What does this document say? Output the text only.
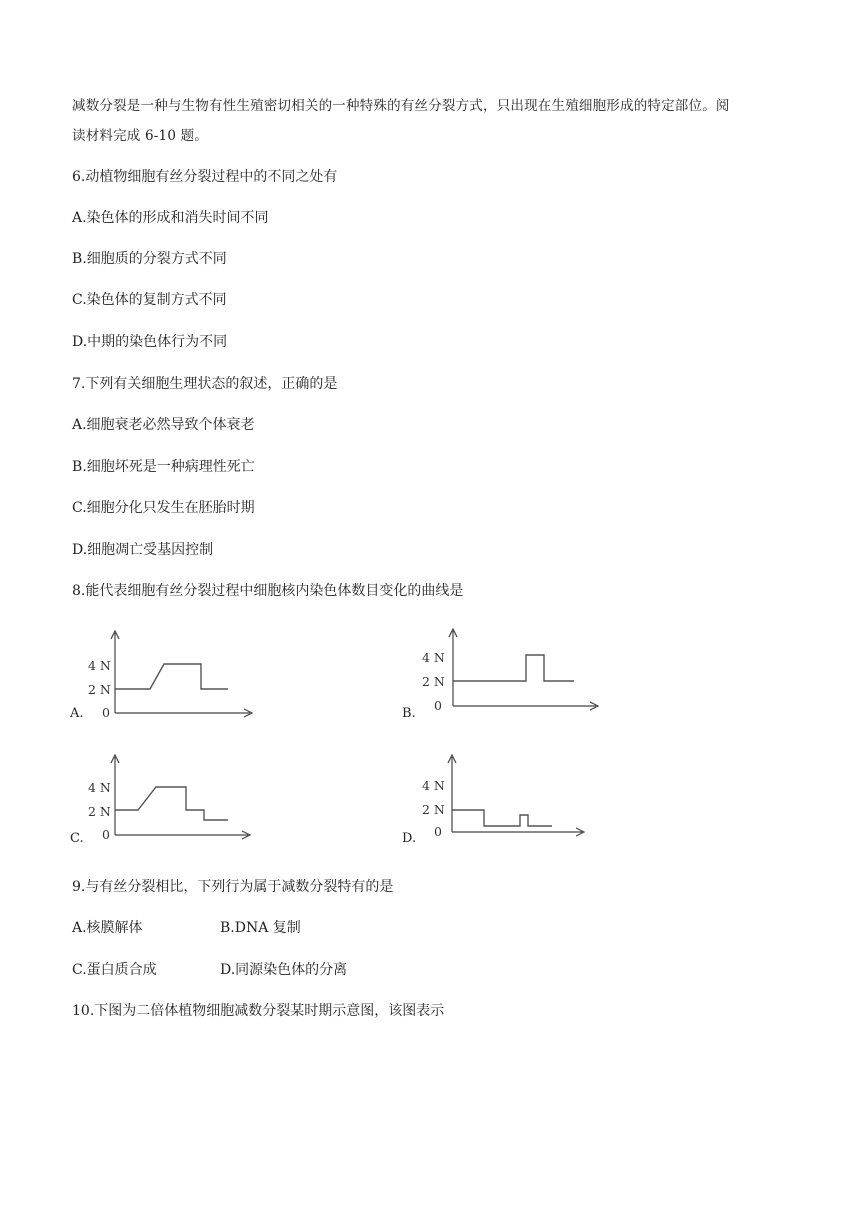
减数分裂是一种与生物有性生殖密切相关的一种特殊的有丝分裂方式，只出现在生殖细胞形成的特定部位。阅
读材料完成 6-10 题。
6.动植物细胞有丝分裂过程中的不同之处有
A.染色体的形成和消失时间不同
B.细胞质的分裂方式不同
C.染色体的复制方式不同
D.中期的染色体行为不同
7.下列有关细胞生理状态的叙述，正确的是
A.细胞衰老必然导致个体衰老
B.细胞坏死是一种病理性死亡
C.细胞分化只发生在胚胎时期
D.细胞凋亡受基因控制
8.能代表细胞有丝分裂过程中细胞核内染色体数目变化的曲线是
A.
4 N
2 N
0	B.
4 N
2 N
0
C.
4 N
2 N
0	D.
4 N
2 N
0
9.与有丝分裂相比，下列行为属于减数分裂特有的是
A.核膜解体	B.DNA 复制
C.蛋白质合成	D.同源染色体的分离
10.下图为二倍体植物细胞减数分裂某时期示意图，该图表示
